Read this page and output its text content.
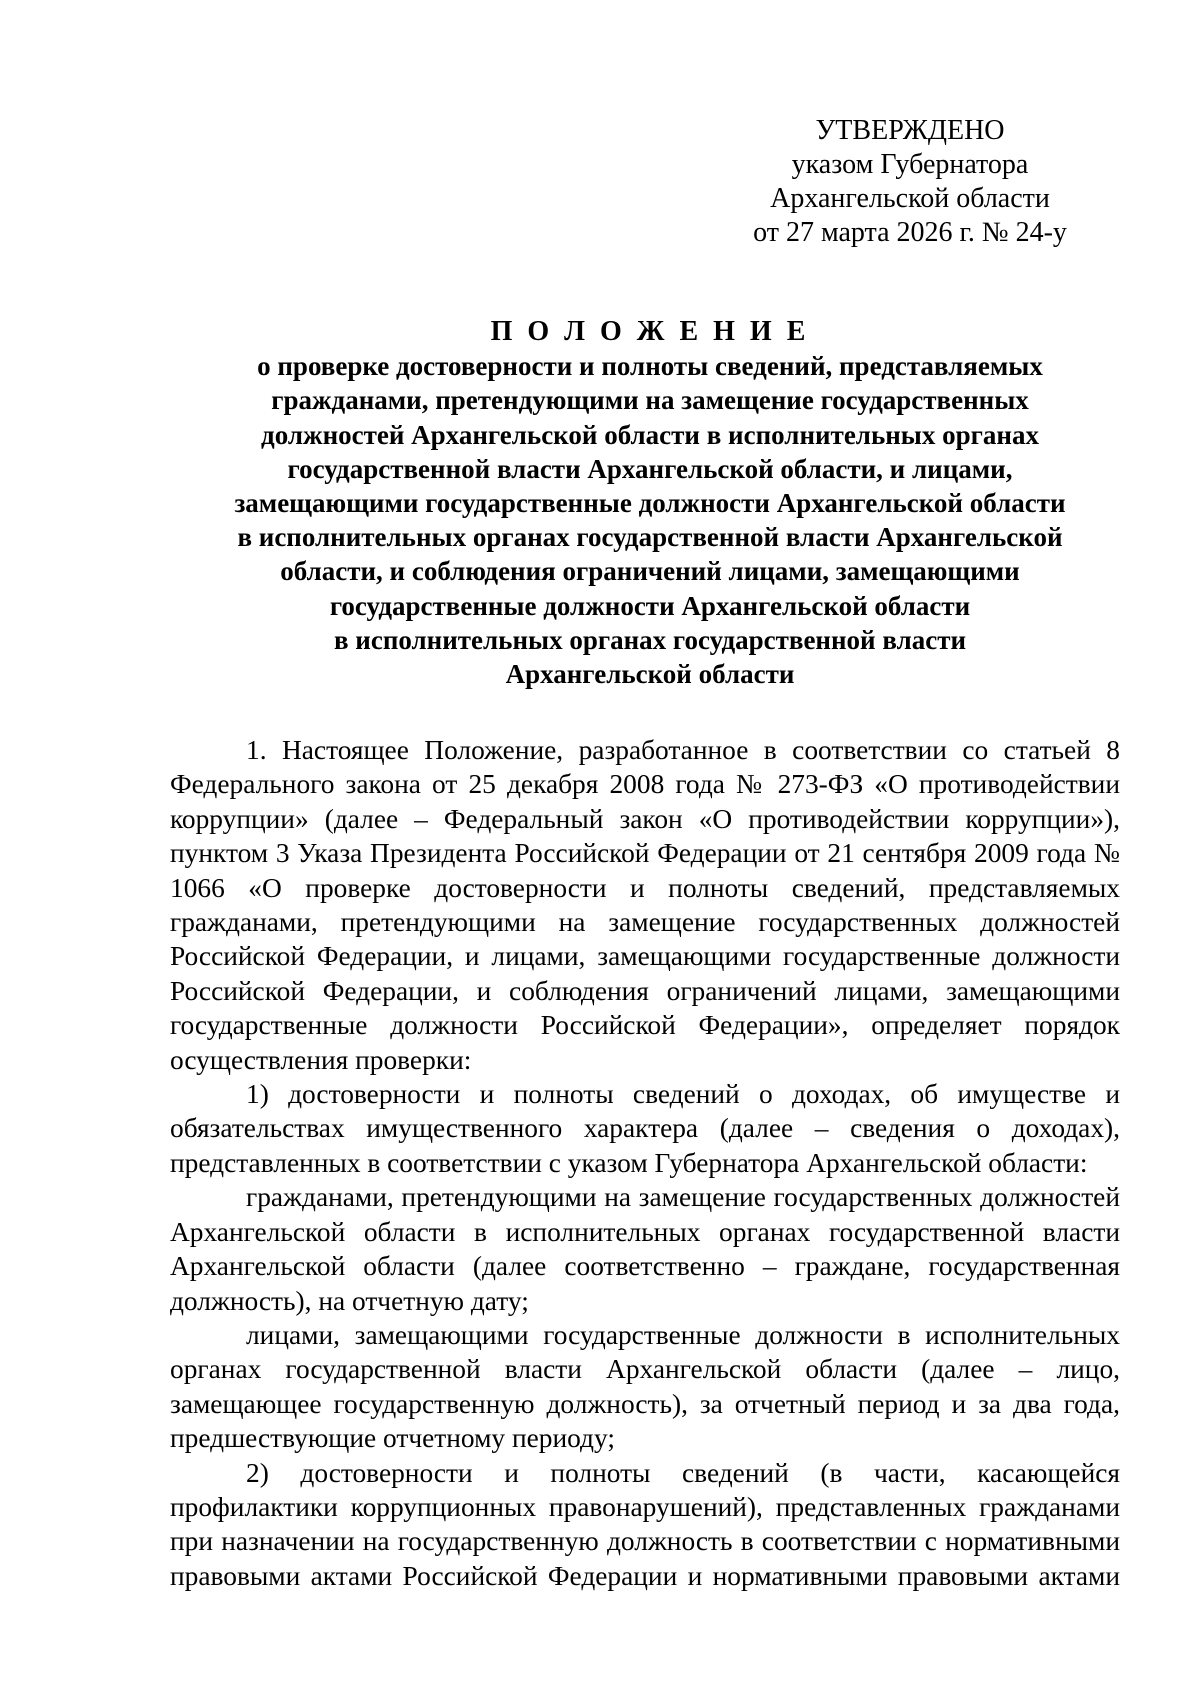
УТВЕРЖДЕНО
указом Губернатора
Архангельской области
от 27 марта 2026 г. № 24-у
П О Л О Ж Е Н И Е
о проверке достоверности и полноты сведений, представляемых
гражданами, претендующими на замещение государственных
должностей Архангельской области в исполнительных органах
государственной власти Архангельской области, и лицами,
замещающими государственные должности Архангельской области
в исполнительных органах государственной власти Архангельской
области, и соблюдения ограничений лицами, замещающими
государственные должности Архангельской области
в исполнительных органах государственной власти
Архангельской области

1. Настоящее Положение, разработанное в соответствии со статьей 8 Федерального закона от 25 декабря 2008 года № 273-ФЗ «О противодействии коррупции» (далее – Федеральный закон «О противодействии коррупции»), пунктом 3 Указа Президента Российской Федерации от 21 сентября 2009 года № 1066 «О проверке достоверности и полноты сведений, представляемых гражданами, претендующими на замещение государственных должностей Российской Федерации, и лицами, замещающими государственные должности Российской Федерации, и соблюдения ограничений лицами, замещающими государственные должности Российской Федерации», определяет порядок осуществления проверки:

1) достоверности и полноты сведений о доходах, об имуществе и обязательствах имущественного характера (далее – сведения о доходах), представленных в соответствии с указом Губернатора Архангельской области:

гражданами, претендующими на замещение государственных должностей Архангельской области в исполнительных органах государственной власти Архангельской области (далее соответственно – граждане, государственная должность), на отчетную дату;

лицами, замещающими государственные должности в исполнительных органах государственной власти Архангельской области (далее – лицо, замещающее государственную должность), за отчетный период и за два года, предшествующие отчетному периоду;

2) достоверности и полноты сведений (в части, касающейся профилактики коррупционных правонарушений), представленных гражданами при назначении на государственную должность в соответствии с нормативными правовыми актами Российской Федерации и нормативными правовыми актами
